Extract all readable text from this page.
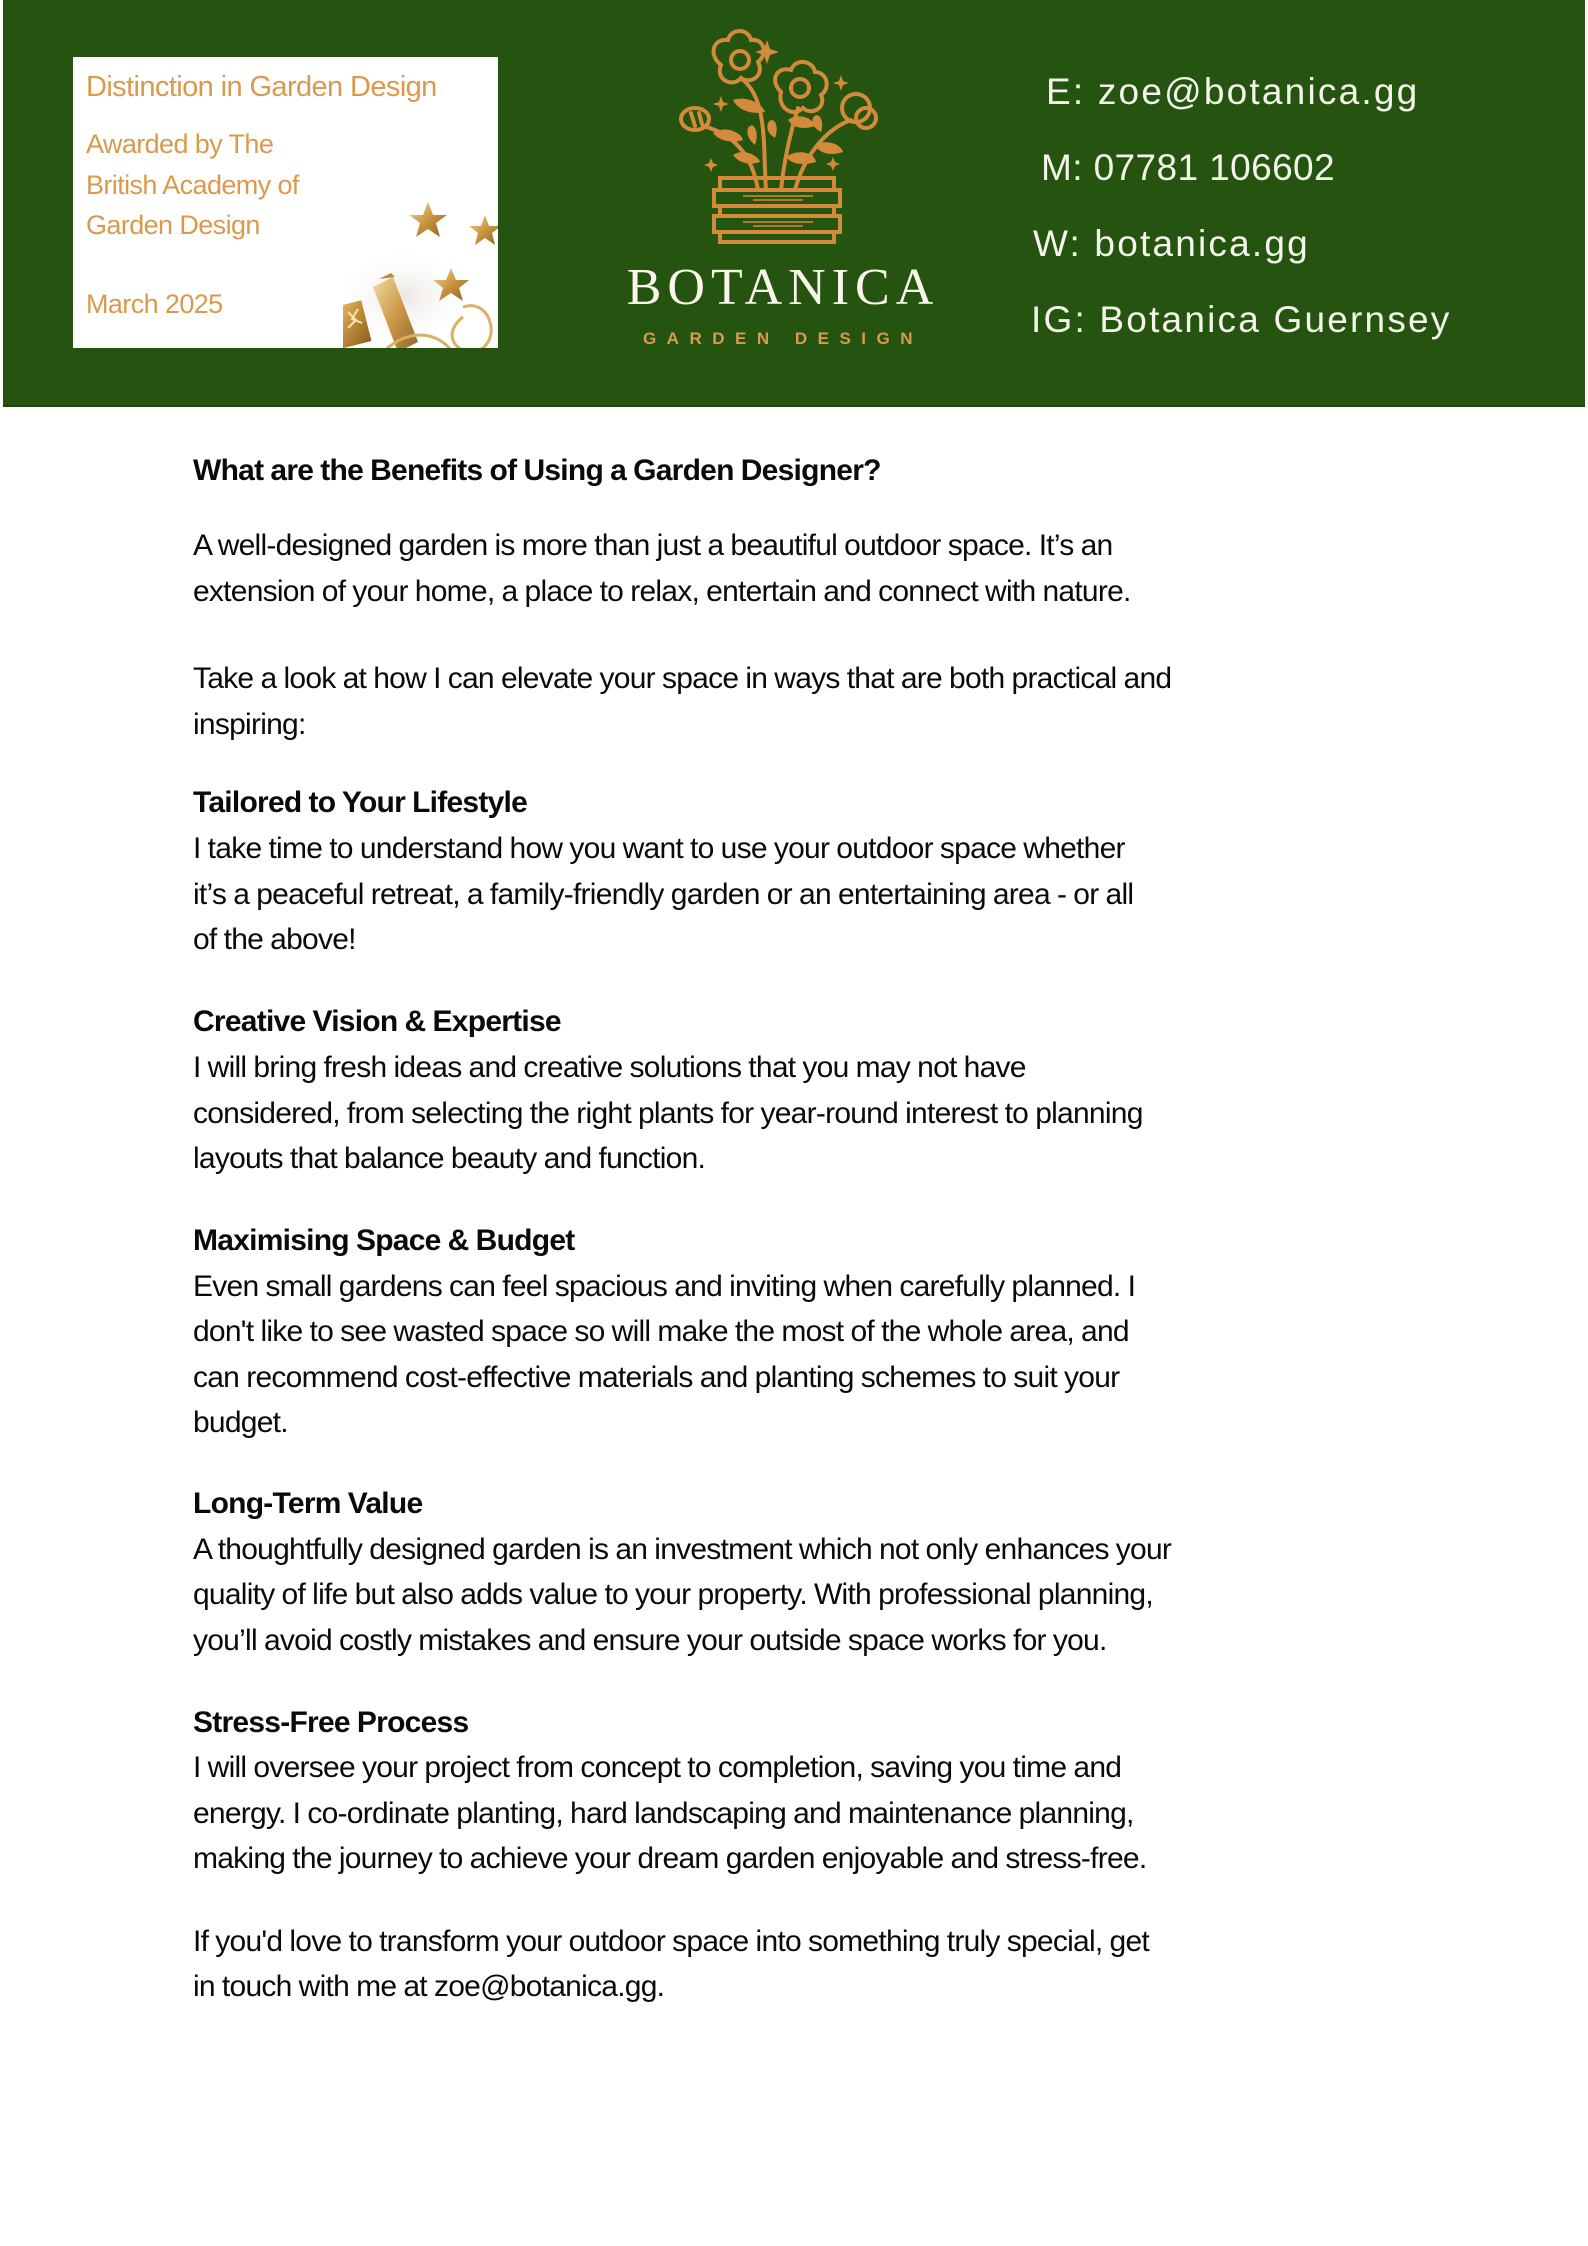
Distinction in Garden Design
Awarded by The
British Academy of
Garden Design
March 2025	BOTANICA
GARDEN DESIGN
E: zoe@botanica.gg
M: 07781 106602
W: botanica.gg
IG: Botanica Guernsey
What are the Benefits of Using a Garden Designer?
A well-designed garden is more than just a beautiful outdoor space. It’s an
extension of your home, a place to relax, entertain and connect with nature.
Take a look at how I can elevate your space in ways that are both practical and
inspiring:
Tailored to Your Lifestyle
I take time to understand how you want to use your outdoor space whether
it’s a peaceful retreat, a family-friendly garden or an entertaining area - or all
of the above!
Creative Vision & Expertise
I will bring fresh ideas and creative solutions that you may not have
considered, from selecting the right plants for year-round interest to planning
layouts that balance beauty and function.
Maximising Space & Budget
Even small gardens can feel spacious and inviting when carefully planned. I
don't like to see wasted space so will make the most of the whole area, and
can recommend cost-effective materials and planting schemes to suit your
budget.
Long-Term Value
A thoughtfully designed garden is an investment which not only enhances your
quality of life but also adds value to your property. With professional planning,
you’ll avoid costly mistakes and ensure your outside space works for you.
Stress-Free Process
I will oversee your project from concept to completion, saving you time and
energy. I co-ordinate planting, hard landscaping and maintenance planning,
making the journey to achieve your dream garden enjoyable and stress-free.
If you'd love to transform your outdoor space into something truly special, get
in touch with me at zoe@botanica.gg.
